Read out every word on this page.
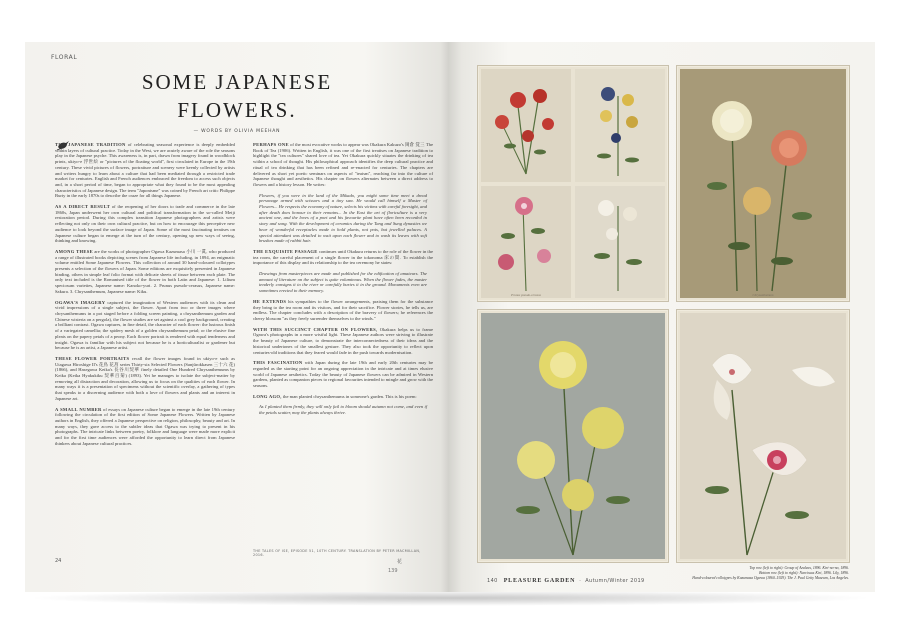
FLORAL
SOME JAPANESE
FLOWERS.
— WORDS BY OLIVIA MEEHAN

THE JAPANESE TRADITION of celebrating seasonal experience is deeply embedded within layers of cultural practice. Today in the West, we are acutely aware of the role the seasons play in the Japanese psyche. This awareness is, in part, drawn from imagery found in woodblock prints, ukiyo-e 浮世絵 or "pictures of the floating world", first circulated in Europe in the 19th century. These vivid pictures of flowers, portraiture and scenery were keenly collected by artists and writers hungry to learn about a culture that had been mediated through a restricted trade market for centuries. English and French audiences embraced the freedom to access such objects and, in a short period of time, began to appropriate what they found to be the most appealing characteristics of Japanese design. The term "Japonisme" was coined by French art critic Philippe Burty in the early 1870s to describe the craze for all things Japanese.

AS A DIRECT RESULT of the reopening of her doors to trade and commerce in the late 1860s, Japan underwent her own cultural and political transformation in the so-called Meiji restoration period. During this complex transition Japanese photographers and artists were reflecting not only on their own cultural practice, but on how to encourage this perceptive new audience to look beyond the surface image of Japan. Some of the most fascinating treatises on Japanese culture began to emerge at the turn of the century, opening up new ways of seeing, thinking and knowing.

AMONG THESE are the works of photographer Ogawa Kazumasa 小川 一眞, who produced a range of illustrated books depicting scenes from Japanese life including, in 1894, an enigmatic volume entitled Some Japanese Flowers. This collection of around 30 hand-coloured collotypes presents a selection of the flowers of Japan. Some editions are exquisitely presented in Japanese binding, others in simple leaf folio format with delicate sheets of tissue between each plate. The only text included is the Romanised title of the flower in both Latin and Japanese: 1. Lilium speciosum varieties, Japanese name: Kanoko-yuri. 2. Prunus pseudo-cerasus, Japanese name: Sakura. 3. Chrysanthemum, Japanese name: Kiku.

OGAWA'S IMAGERY captured the imagination of Western audiences with its clean and vivid impressions of a single subject, the flower. Apart from two or three images where chrysanthemums in a pot staged before a folding screen painting, a chrysanthemum garden and Chinese wisteria on a pergola), the flower studies are set against a cool grey background, creating a brilliant contrast. Ogawa captures, in fine detail, the character of each flower: the lustrous finish of a variegated camellia; the spidery mesh of a golden chrysanthemum petal; or the elusive fine pleats on the papery petals of a peony. Each flower portrait is rendered with equal tenderness and insight. Ogawa is familiar with his subject not because he is a horticulturalist or gardener but because he is an artist, a Japanese artist.

THESE FLOWER PORTRAITS recall the flower images found in ukiyo-e such as Utagawa Hiroshige II's 花鳥 花菖 series Thirty-six Selected Flowers (Sanjūrokkasen 三十六 花) (1866), and Hasegawa Keika's 長谷川契華 finely detailed One Hundred Chrysanthemums by Keika (Keika Hyakukiku 契華百菊) (1893). Yet he manages to isolate the subject-matter by removing all distraction and decoration, allowing us to focus on the qualities of each flower. In many ways it is a presentation of specimens without the scientific overlay, a gathering of types that speaks to a discerning audience with both a love of flowers and plants and an interest in Japanese art.

A SMALL NUMBER of essays on Japanese culture began to emerge in the late 19th century following the circulation of the first edition of Some Japanese Flowers. Written by Japanese authors in English, they offered a Japanese perspective on religion, philosophy, beauty and art. In many ways, they gave access to the subtler ideas that Ogawa was trying to present in his photographs. The intricate links between poetry, folklore and language were made more explicit and for the first time audiences were afforded the opportunity to learn direct from Japanese thinkers about Japanese cultural practices.

PERHAPS ONE of the most evocative works to appear was Okakura Kakuzo's 岡倉 覚三 The Book of Tea (1906). Written in English, it was one of the first treatises on Japanese tradition to highlight the "tea cultures" shared love of tea. Yet Okakura quickly situates the drinking of tea within a school of thought. His philosophical approach identifies the deep cultural practice and ritual of tea drinking that has been refined and re-enacted for centuries. The chapters are delivered as short yet poetic seminars on aspects of "teaism", reaching far into the culture of Japanese thought and aesthetics. His chapter on flowers alternates between a direct address to flowers and a history lesson. He writes:

Flowers, if you were in the land of the Mikado, you might some time meet a dread personage armed with scissors and a tiny saw. He would call himself a Master of Flowers... He respects the economy of nature, selects his victims with careful foresight, and after death does honour to their remains... In the East the art of floriculture is a very ancient one, and the loves of a poet and his favourite plant have often been recorded in story and song. With the development of ceramics during the Tang and Sung dynasties we hear of wonderful receptacles made to hold plants, not pots, but jewelled palaces. A special attendant was detailed to wait upon each flower and to wash its leaves with soft brushes made of rabbit hair.

THE EXQUISITE PASSAGE continues until Okakura returns to the role of the flower in the tea room, the careful placement of a single flower in the tokonoma 床の間. To establish the importance of this display and its relationship to the tea ceremony he states:

Drawings from masterpieces are made and published for the edification of amateurs. The amount of literature on the subject is quite voluminous. When the flower fades, the master tenderly consigns it to the river or carefully buries it in the ground. Monuments even are sometimes erected to their memory.

HE EXTENDS his sympathies to the flower arrangements, praising them for the substance they bring to the tea room and its visitors, and for their sacrifice. Flower stories, he tells us, are endless. The chapter concludes with a description of the bravery of flowers; he references the cherry blossom "as they freely surrender themselves to the winds."

WITH THIS SUCCINCT CHAPTER ON FLOWERS, Okakura helps us to frame Ogawa's photographs in a more wistful light. These Japanese authors were striving to illustrate the beauty of Japanese culture, to demonstrate the interconnectedness of their ideas and the historical undertones of the smallest gesture. They also took the opportunity to reflect upon centuries-old traditions that they feared would fade in the push towards modernisation.

THIS FASCINATION with Japan during the late 19th and early 20th centuries may be regarded as the starting point for an ongoing appreciation in the intricate and at times elusive world of Japanese aesthetics. Today the beauty of Japanese flowers can be admired in Western gardens, planted as companion pieces to regional favourites intended to mingle and grow with the seasons.

LONG AGO, the man planted chrysanthemums in someone's garden. This is his poem:

As I planted them firmly, they will only fail to bloom should autumn not come, and even if the petals scatter, may the plants always thrive.

24
THE TALES OF ISE, EPISODE 51, 10TH CENTURY. TRANSLATION BY PETER MACMILLAN, 2016.
花
139
Prunus pseudo-cerasus	Chrysanthemum
Top row (left to right): Group of Azaleas, 1896. Kiri-no-no, 1896.
Bottom row (left to right): Narcissus Kiri, 1896. Lily, 1896.
Hand-coloured collotypes by Kazumasa Ogawa (1860–1929). The J. Paul Getty Museum, Los Angeles.
140 PLEASURE GARDEN  ·  Autumn/Winter 2019
